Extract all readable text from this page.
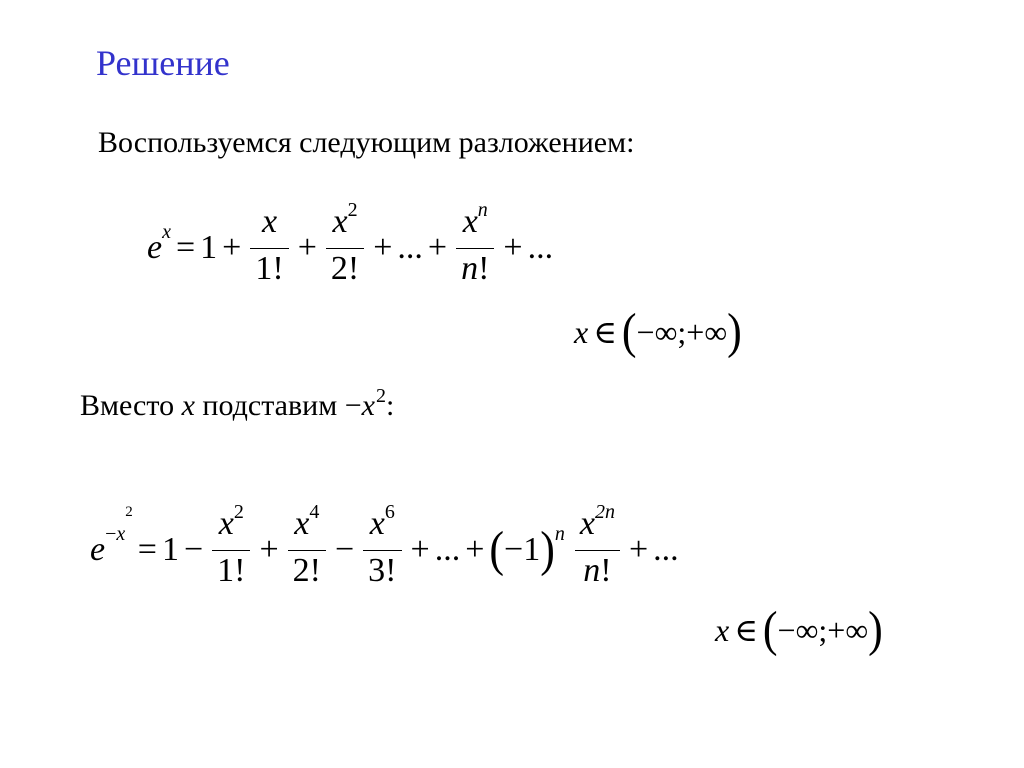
Решение
Воспользуемся следующим разложением:
e $x = 1 + \frac{x}{1!} + \frac{x^2}{2!}$ + ... + $\frac{x^n}{n!}$ + ...
x ∈ ( −∞ ; +∞ )
Вместо x подставим $-x^2$:
$e -x^2$
= $1 - \frac{x^2}{1!} + \frac{x^4}{2!} - \frac{x^6}{3!}$ + ... + ( −1 ) n $\frac{x^{2n}}{n!}$ + ...
x ∈ ( −∞ ; +∞ )
